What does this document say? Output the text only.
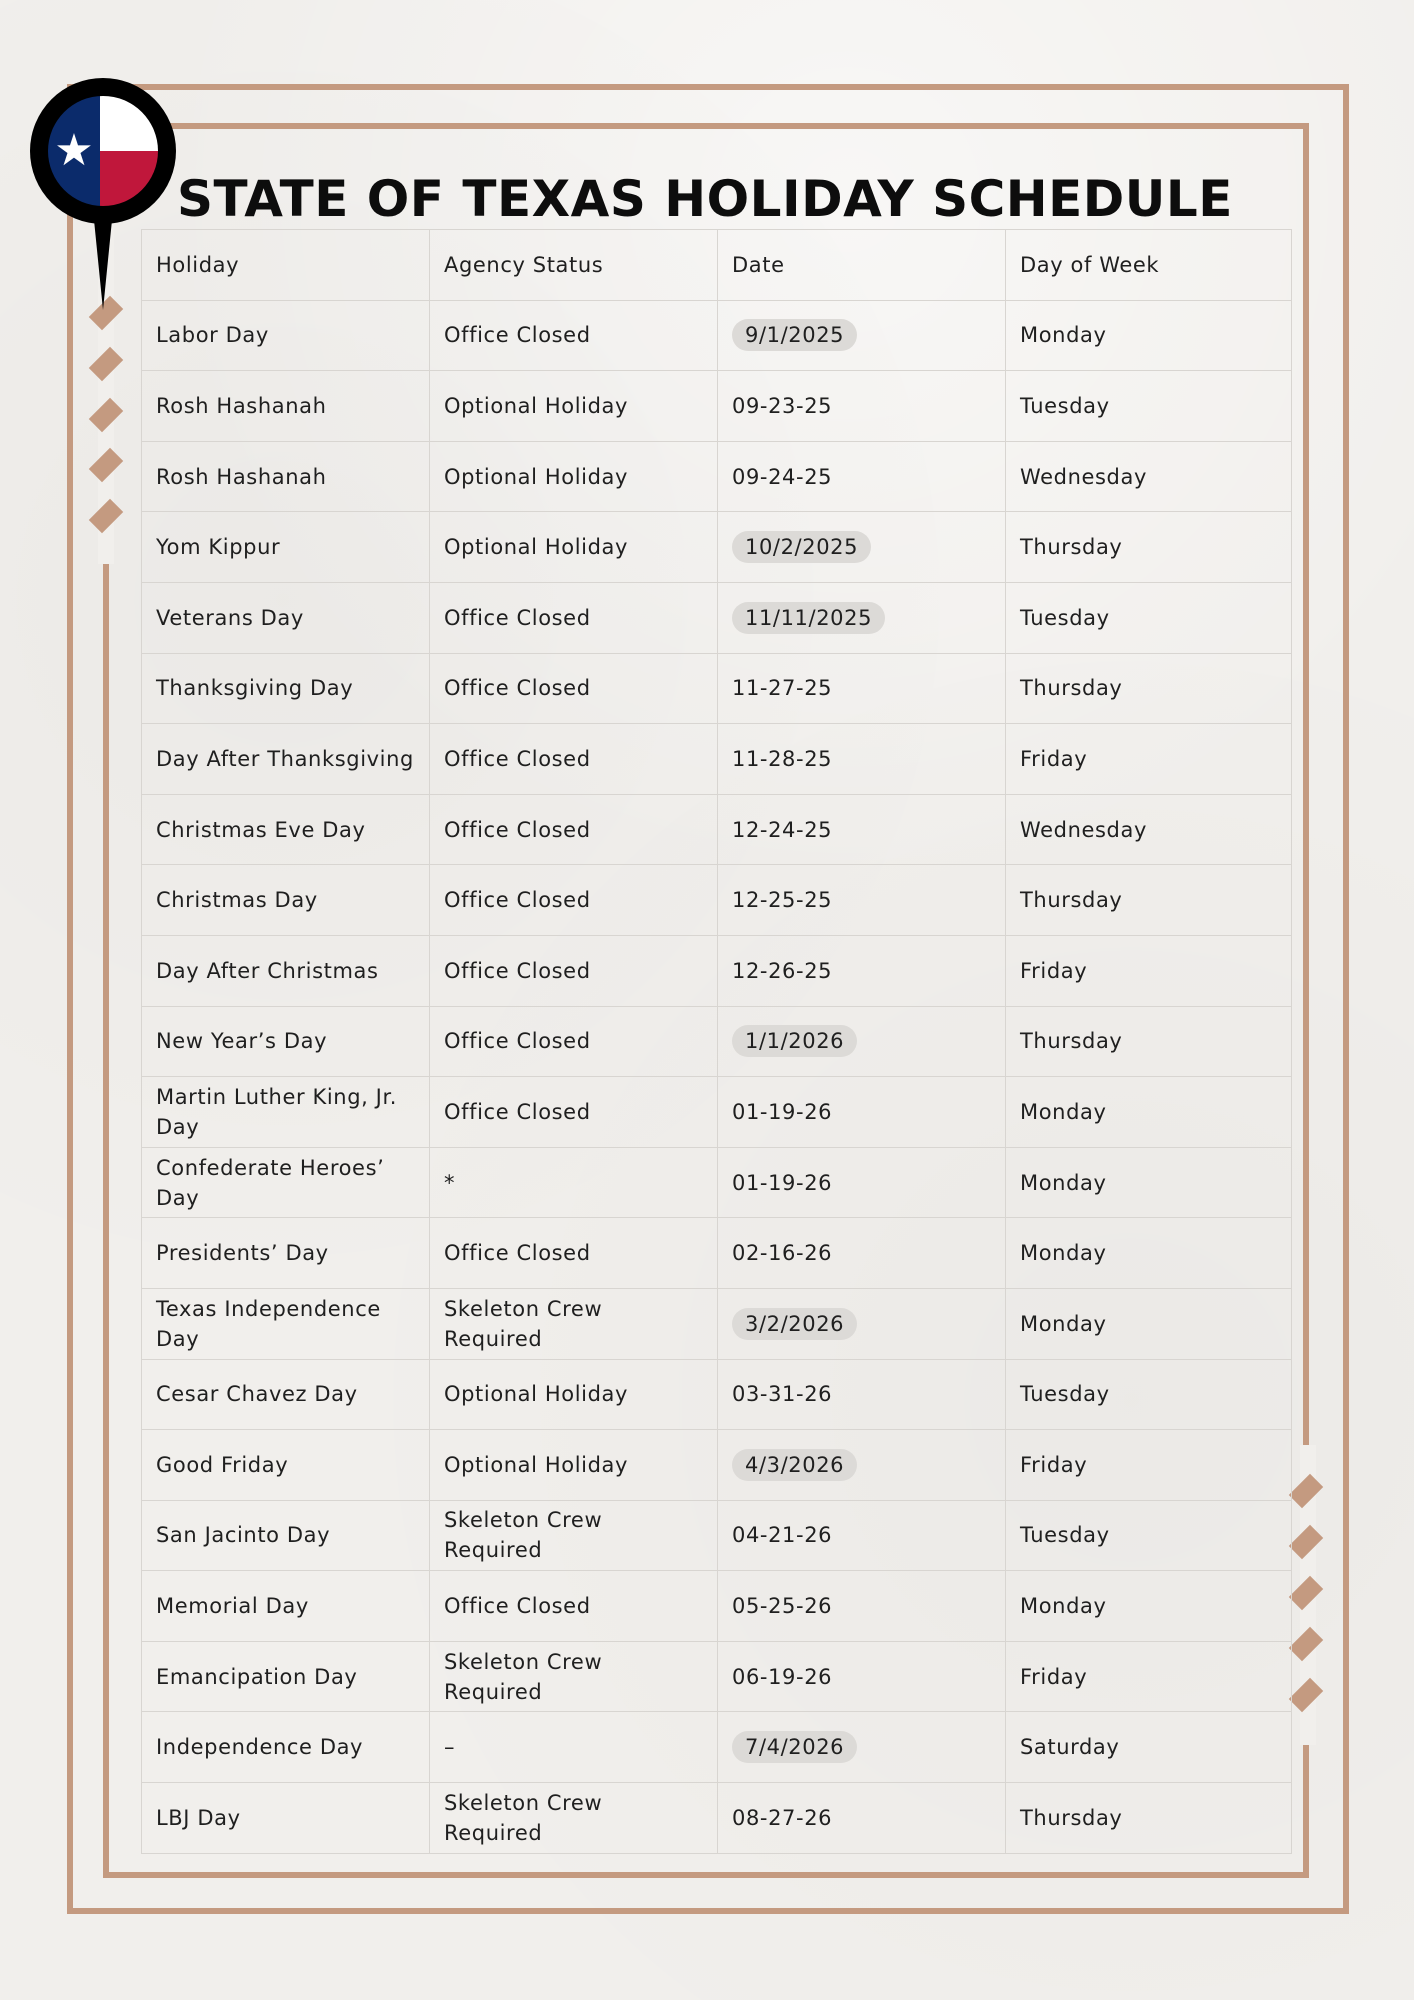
★
STATE OF TEXAS HOLIDAY SCHEDULE
Holiday	Agency Status	Date	Day of Week
Labor Day	Office Closed	9/1/2025	Monday
Rosh Hashanah	Optional Holiday	09-23-25	Tuesday
Rosh Hashanah	Optional Holiday	09-24-25	Wednesday
Yom Kippur	Optional Holiday	10/2/2025	Thursday
Veterans Day	Office Closed	11/11/2025	Tuesday
Thanksgiving Day	Office Closed	11-27-25	Thursday
Day After Thanksgiving	Office Closed	11-28-25	Friday
Christmas Eve Day	Office Closed	12-24-25	Wednesday
Christmas Day	Office Closed	12-25-25	Thursday
Day After Christmas	Office Closed	12-26-25	Friday
New Year’s Day	Office Closed	1/1/2026	Thursday
Martin Luther King, Jr. Day	Office Closed	01-19-26	Monday
Confederate Heroes’ Day	*	01-19-26	Monday
Presidents’ Day	Office Closed	02-16-26	Monday
Texas Independence Day	Skeleton Crew Required	3/2/2026	Monday
Cesar Chavez Day	Optional Holiday	03-31-26	Tuesday
Good Friday	Optional Holiday	4/3/2026	Friday
San Jacinto Day	Skeleton Crew Required	04-21-26	Tuesday
Memorial Day	Office Closed	05-25-26	Monday
Emancipation Day	Skeleton Crew Required	06-19-26	Friday
Independence Day	–	7/4/2026	Saturday
LBJ Day	Skeleton Crew Required	08-27-26	Thursday
